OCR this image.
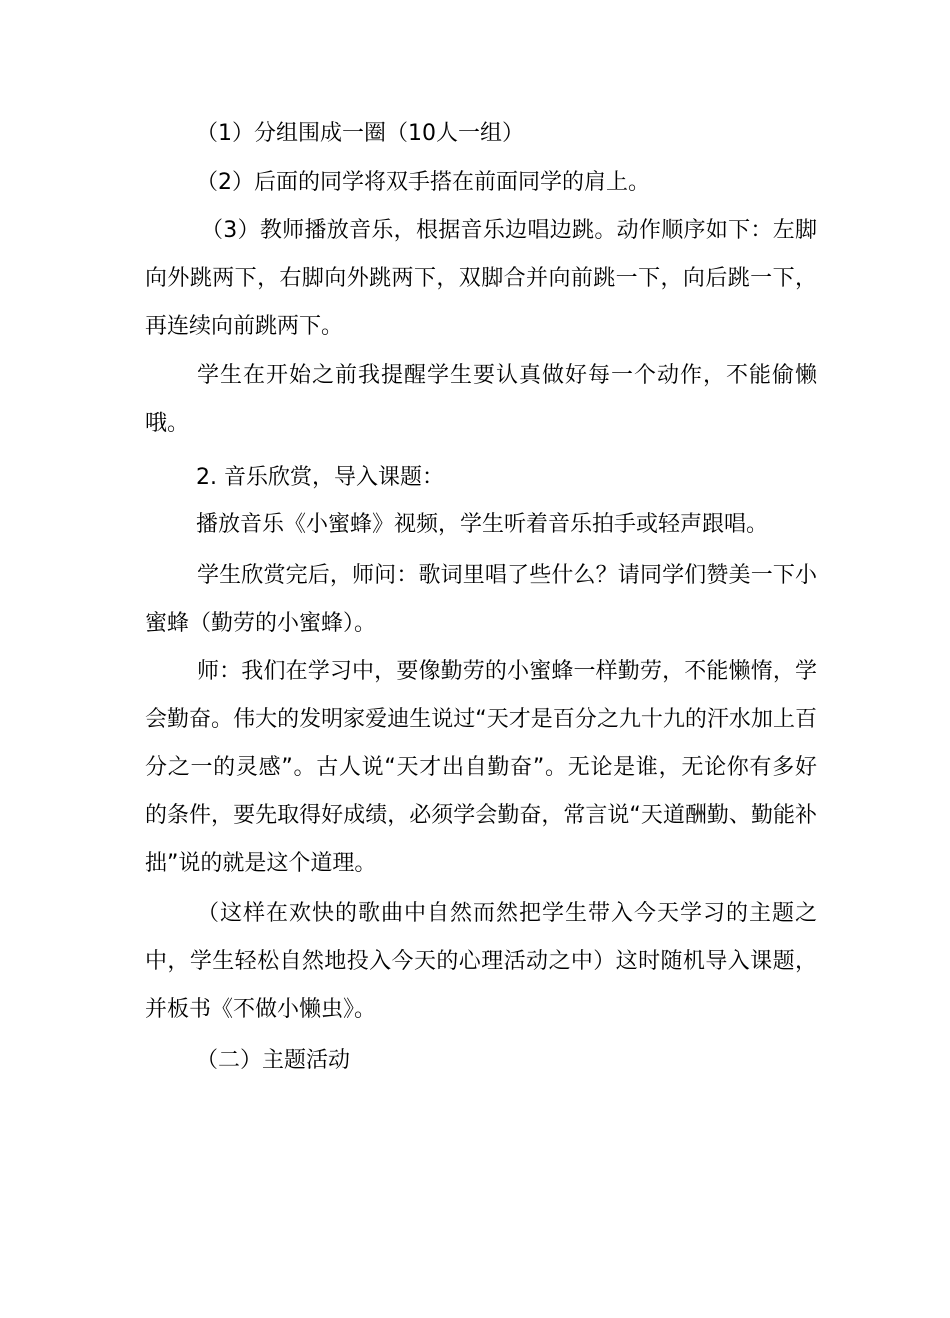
（1）分组围成一圈（10人一组）

（2）后面的同学将双手搭在前面同学的肩上。

（3）教师播放音乐，根据音乐边唱边跳。动作顺序如下：左脚向外跳两下，右脚向外跳两下，双脚合并向前跳一下，向后跳一下，再连续向前跳两下。

学生在开始之前我提醒学生要认真做好每一个动作，不能偷懒哦。

2. 音乐欣赏，导入课题：

播放音乐《小蜜蜂》视频，学生听着音乐拍手或轻声跟唱。

学生欣赏完后，师问：歌词里唱了些什么？请同学们赞美一下小蜜蜂（勤劳的小蜜蜂）。

师：我们在学习中，要像勤劳的小蜜蜂一样勤劳，不能懒惰，学会勤奋。伟大的发明家爱迪生说过“天才是百分之九十九的汗水加上百分之一的灵感”。古人说“天才出自勤奋”。无论是谁，无论你有多好的条件，要先取得好成绩，必须学会勤奋，常言说“天道酬勤、勤能补拙”说的就是这个道理。

（这样在欢快的歌曲中自然而然把学生带入今天学习的主题之中，学生轻松自然地投入今天的心理活动之中）这时随机导入课题，并板书《不做小懒虫》。

（二）主题活动
